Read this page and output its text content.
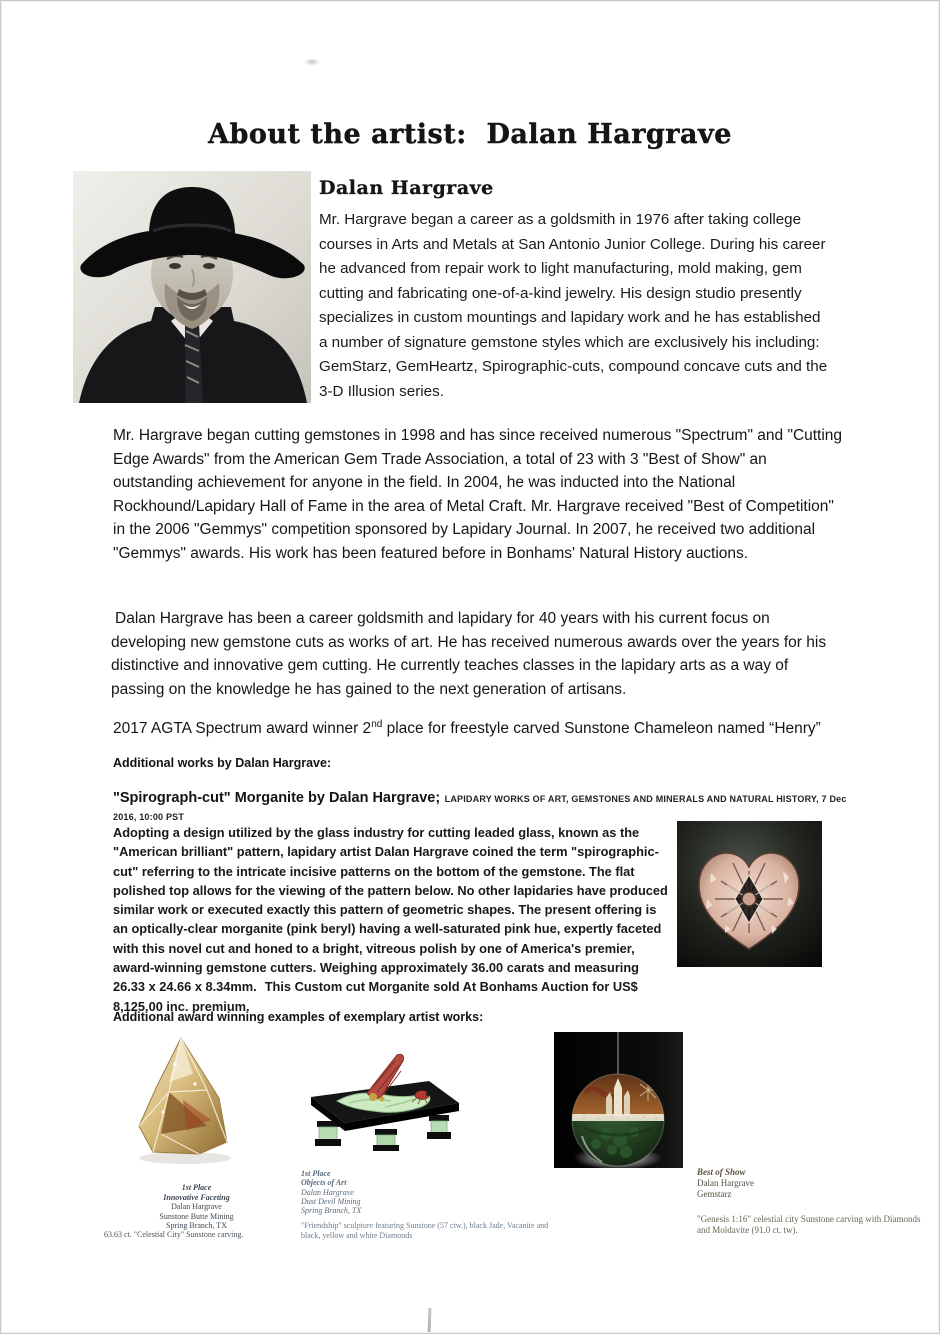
About the artist:  Dalan Hargrave
Dalan Hargrave

Mr. Hargrave began a career as a goldsmith in 1976 after taking college courses in Arts and Metals at San Antonio Junior College. During his career he advanced from repair work to light manufacturing, mold making, gem cutting and fabricating one-of-a-kind jewelry. His design studio presently specializes in custom mountings and lapidary work and he has established a number of signature gemstone styles which are exclusively his including: GemStarz, GemHeartz, Spirographic-cuts, compound concave cuts and the 3-D Illusion series.

Mr. Hargrave began cutting gemstones in 1998 and has since received numerous "Spectrum" and "Cutting Edge Awards" from the American Gem Trade Association, a total of 23 with 3 "Best of Show" an outstanding achievement for anyone in the field. In 2004, he was inducted into the National Rockhound/Lapidary Hall of Fame in the area of Metal Craft. Mr. Hargrave received "Best of Competition" in the 2006 "Gemmys" competition sponsored by Lapidary Journal. In 2007, he received two additional "Gemmys" awards. His work has been featured before in Bonhams' Natural History auctions.

Dalan Hargrave has been a career goldsmith and lapidary for 40 years with his current focus on developing new gemstone cuts as works of art. He has received numerous awards over the years for his distinctive and innovative gem cutting. He currently teaches classes in the lapidary arts as a way of passing on the knowledge he has gained to the next generation of artisans.

2017 AGTA Spectrum award winner 2nd place for freestyle carved Sunstone Chameleon named “Henry”

Additional works by Dalan Hargrave:

"Spirograph-cut" Morganite by Dalan Hargrave; LAPIDARY WORKS OF ART, GEMSTONES AND MINERALS AND NATURAL HISTORY, 7 Dec 2016, 10:00 PST

Adopting a design utilized by the glass industry for cutting leaded glass, known as the "American brilliant" pattern, lapidary artist Dalan Hargrave coined the term "spirographic-cut" referring to the intricate incisive patterns on the bottom of the gemstone. The flat polished top allows for the viewing of the pattern below. No other lapidaries have produced similar work or executed exactly this pattern of geometric shapes. The present offering is an optically-clear morganite (pink beryl) having a well-saturated pink hue, expertly faceted with this novel cut and honed to a bright, vitreous polish by one of America's premier, award-winning gemstone cutters. Weighing approximately 36.00 carats and measuring 26.33 x 24.66 x 8.34mm. This Custom cut Morganite sold At Bonhams Auction for US$ 8,125.00 inc. premium.

Additional award winning examples of exemplary artist works:
1st Place
Innovative Faceting
Dalan Hargrave
Sunstone Butte Mining
Spring Branch, TX
63.63 ct. "Celestial City" Sunstone carving.
1st Place
Objects of Art
Dalan Hargrave
Dust Devil Mining
Spring Branch, TX
"Friendship" sculpture featuring Sunstone (57 ctw.), black Jade, Vacanite and black, yellow and white Diamonds
Best of Show
Dalan Hargrave
Gemstarz
"Genesis 1:16" celestial city Sunstone carving with Diamonds and Moldavite (91.0 ct. tw).
